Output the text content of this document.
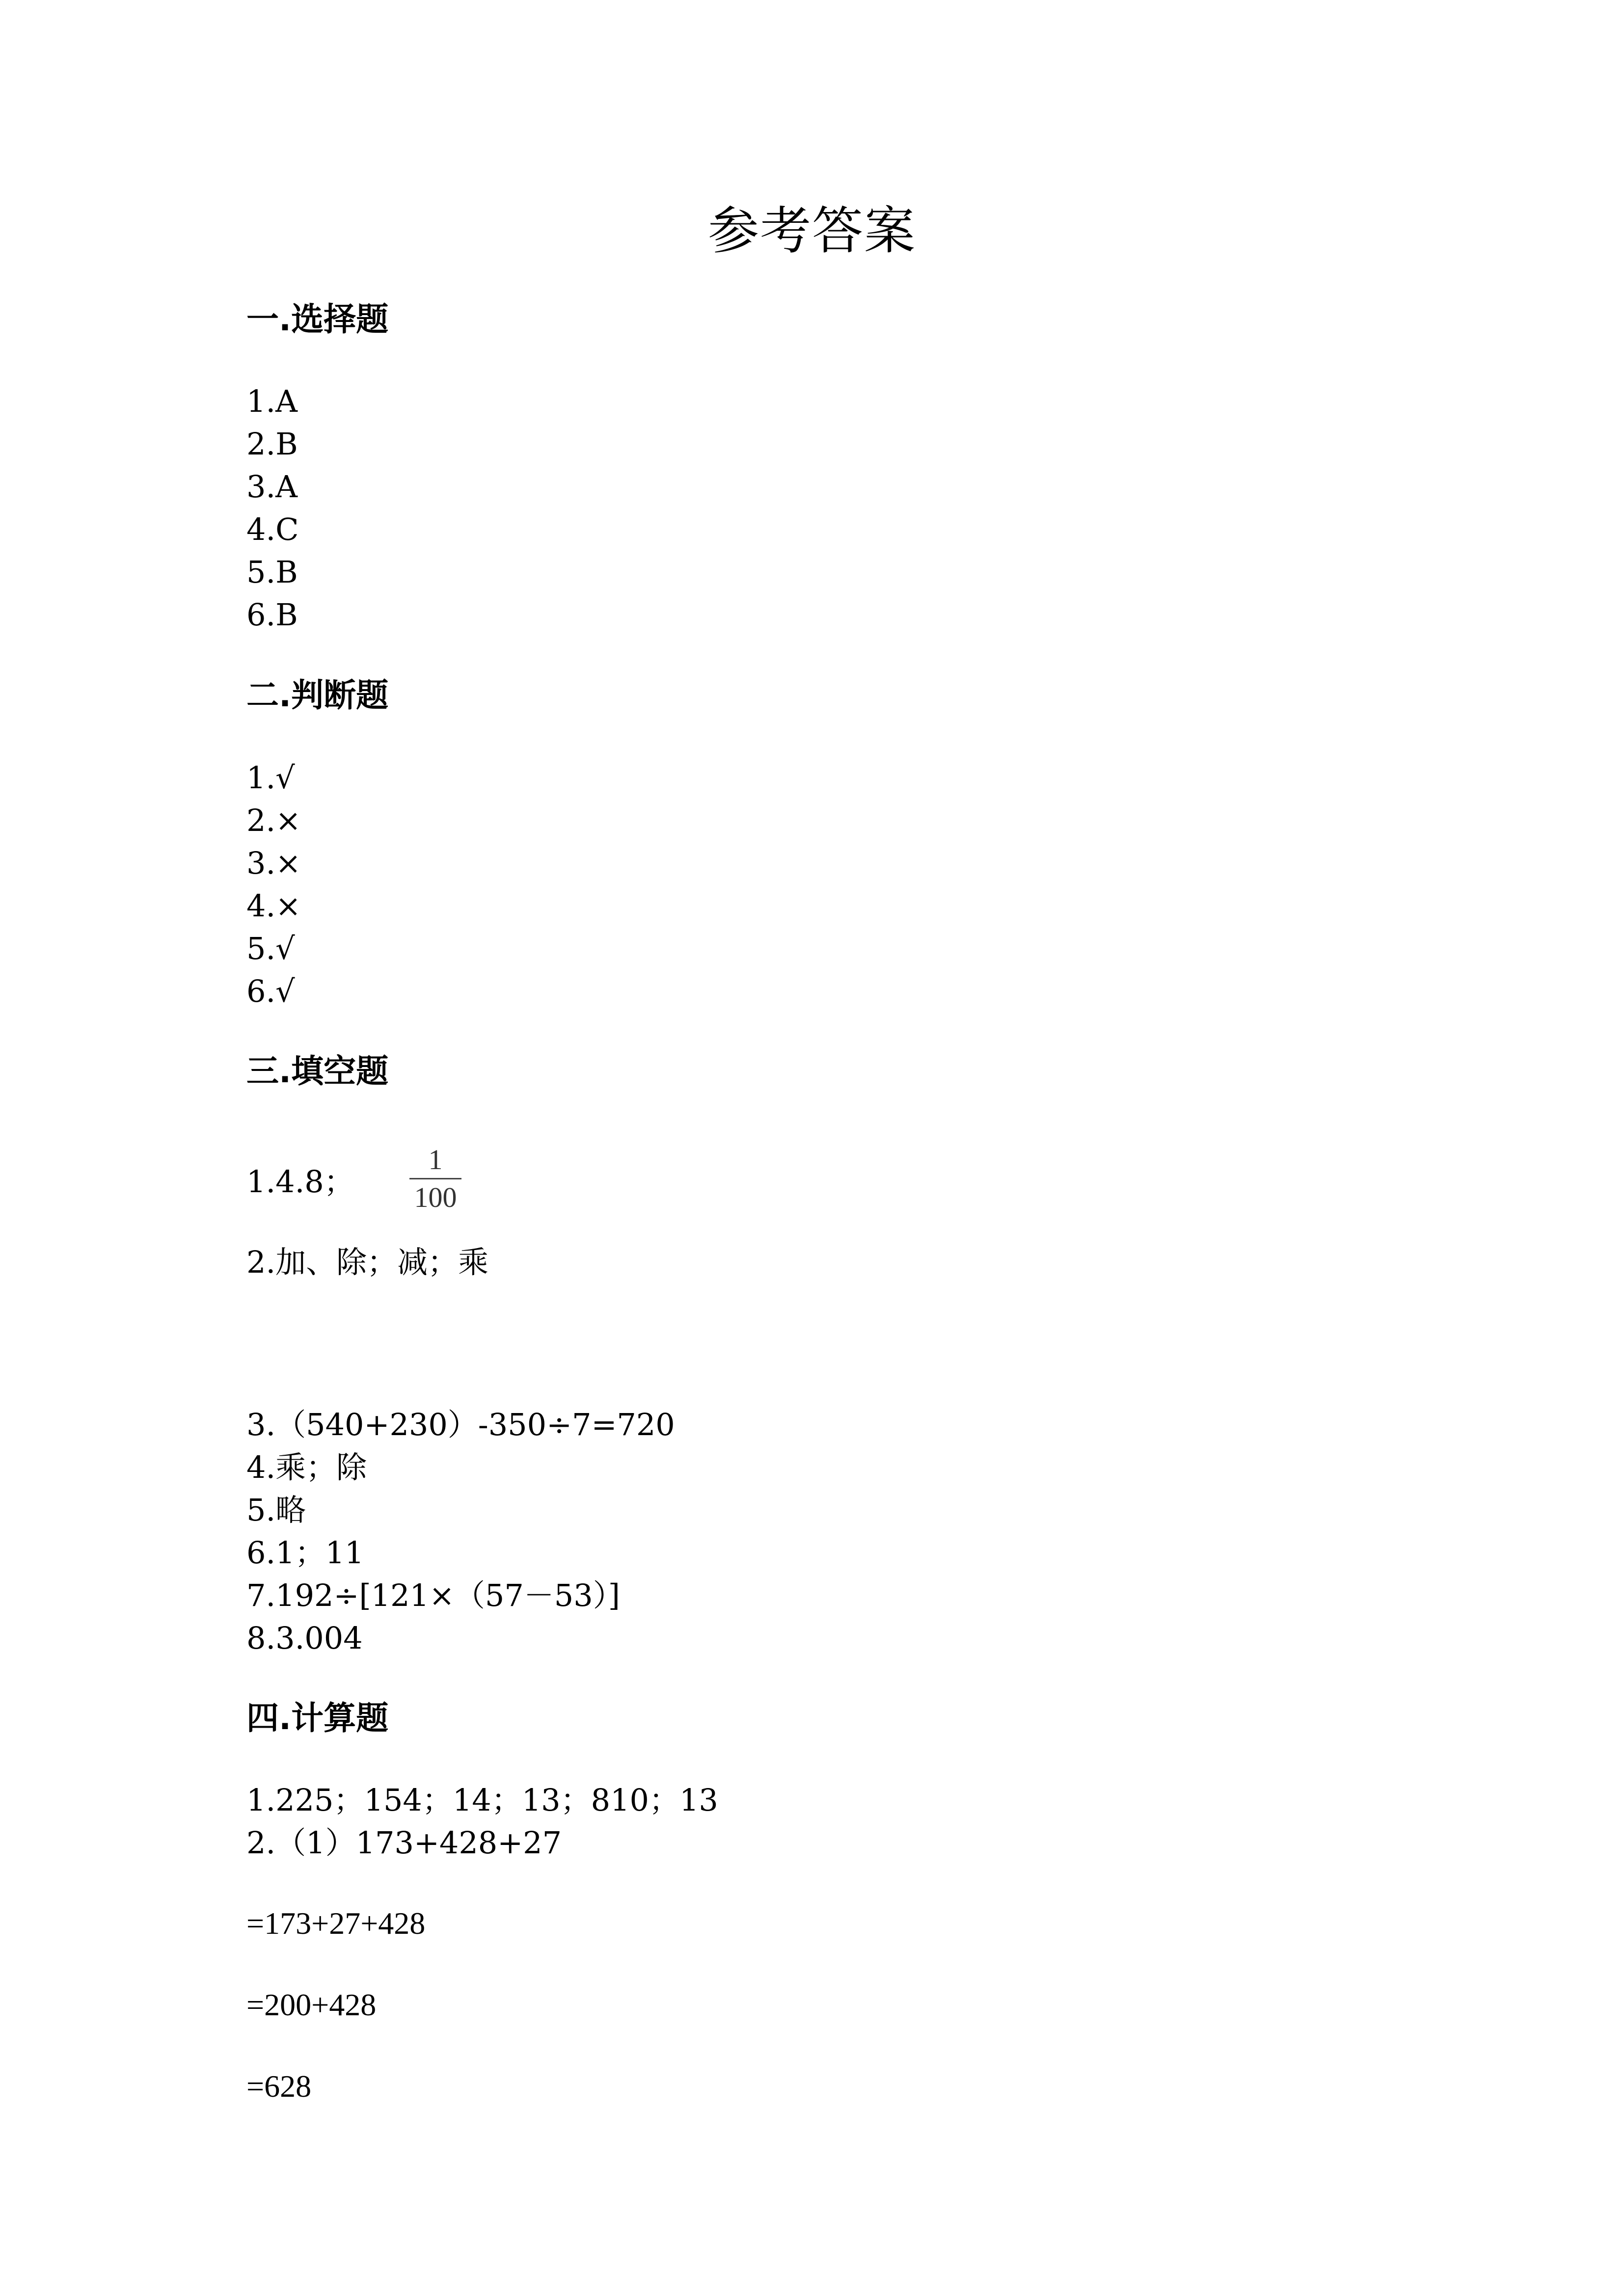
参考答案
一.选择题
1.A
2.B
3.A
4.C
5.B
6.B
二.判断题
1.√
2.×
3.×
4.×
5.√
6.√
三.填空题
1.4.8；
1
100
2.加、除；减；乘
3.（540+230）-350÷7=720
4.乘；除
5.略
6.1；11
7.192÷[121×（57－53）]
8.3.004
四.计算题
1.225；154；14；13；810；13
2.（1）173+428+27
=173+27+428
=200+428
=628
